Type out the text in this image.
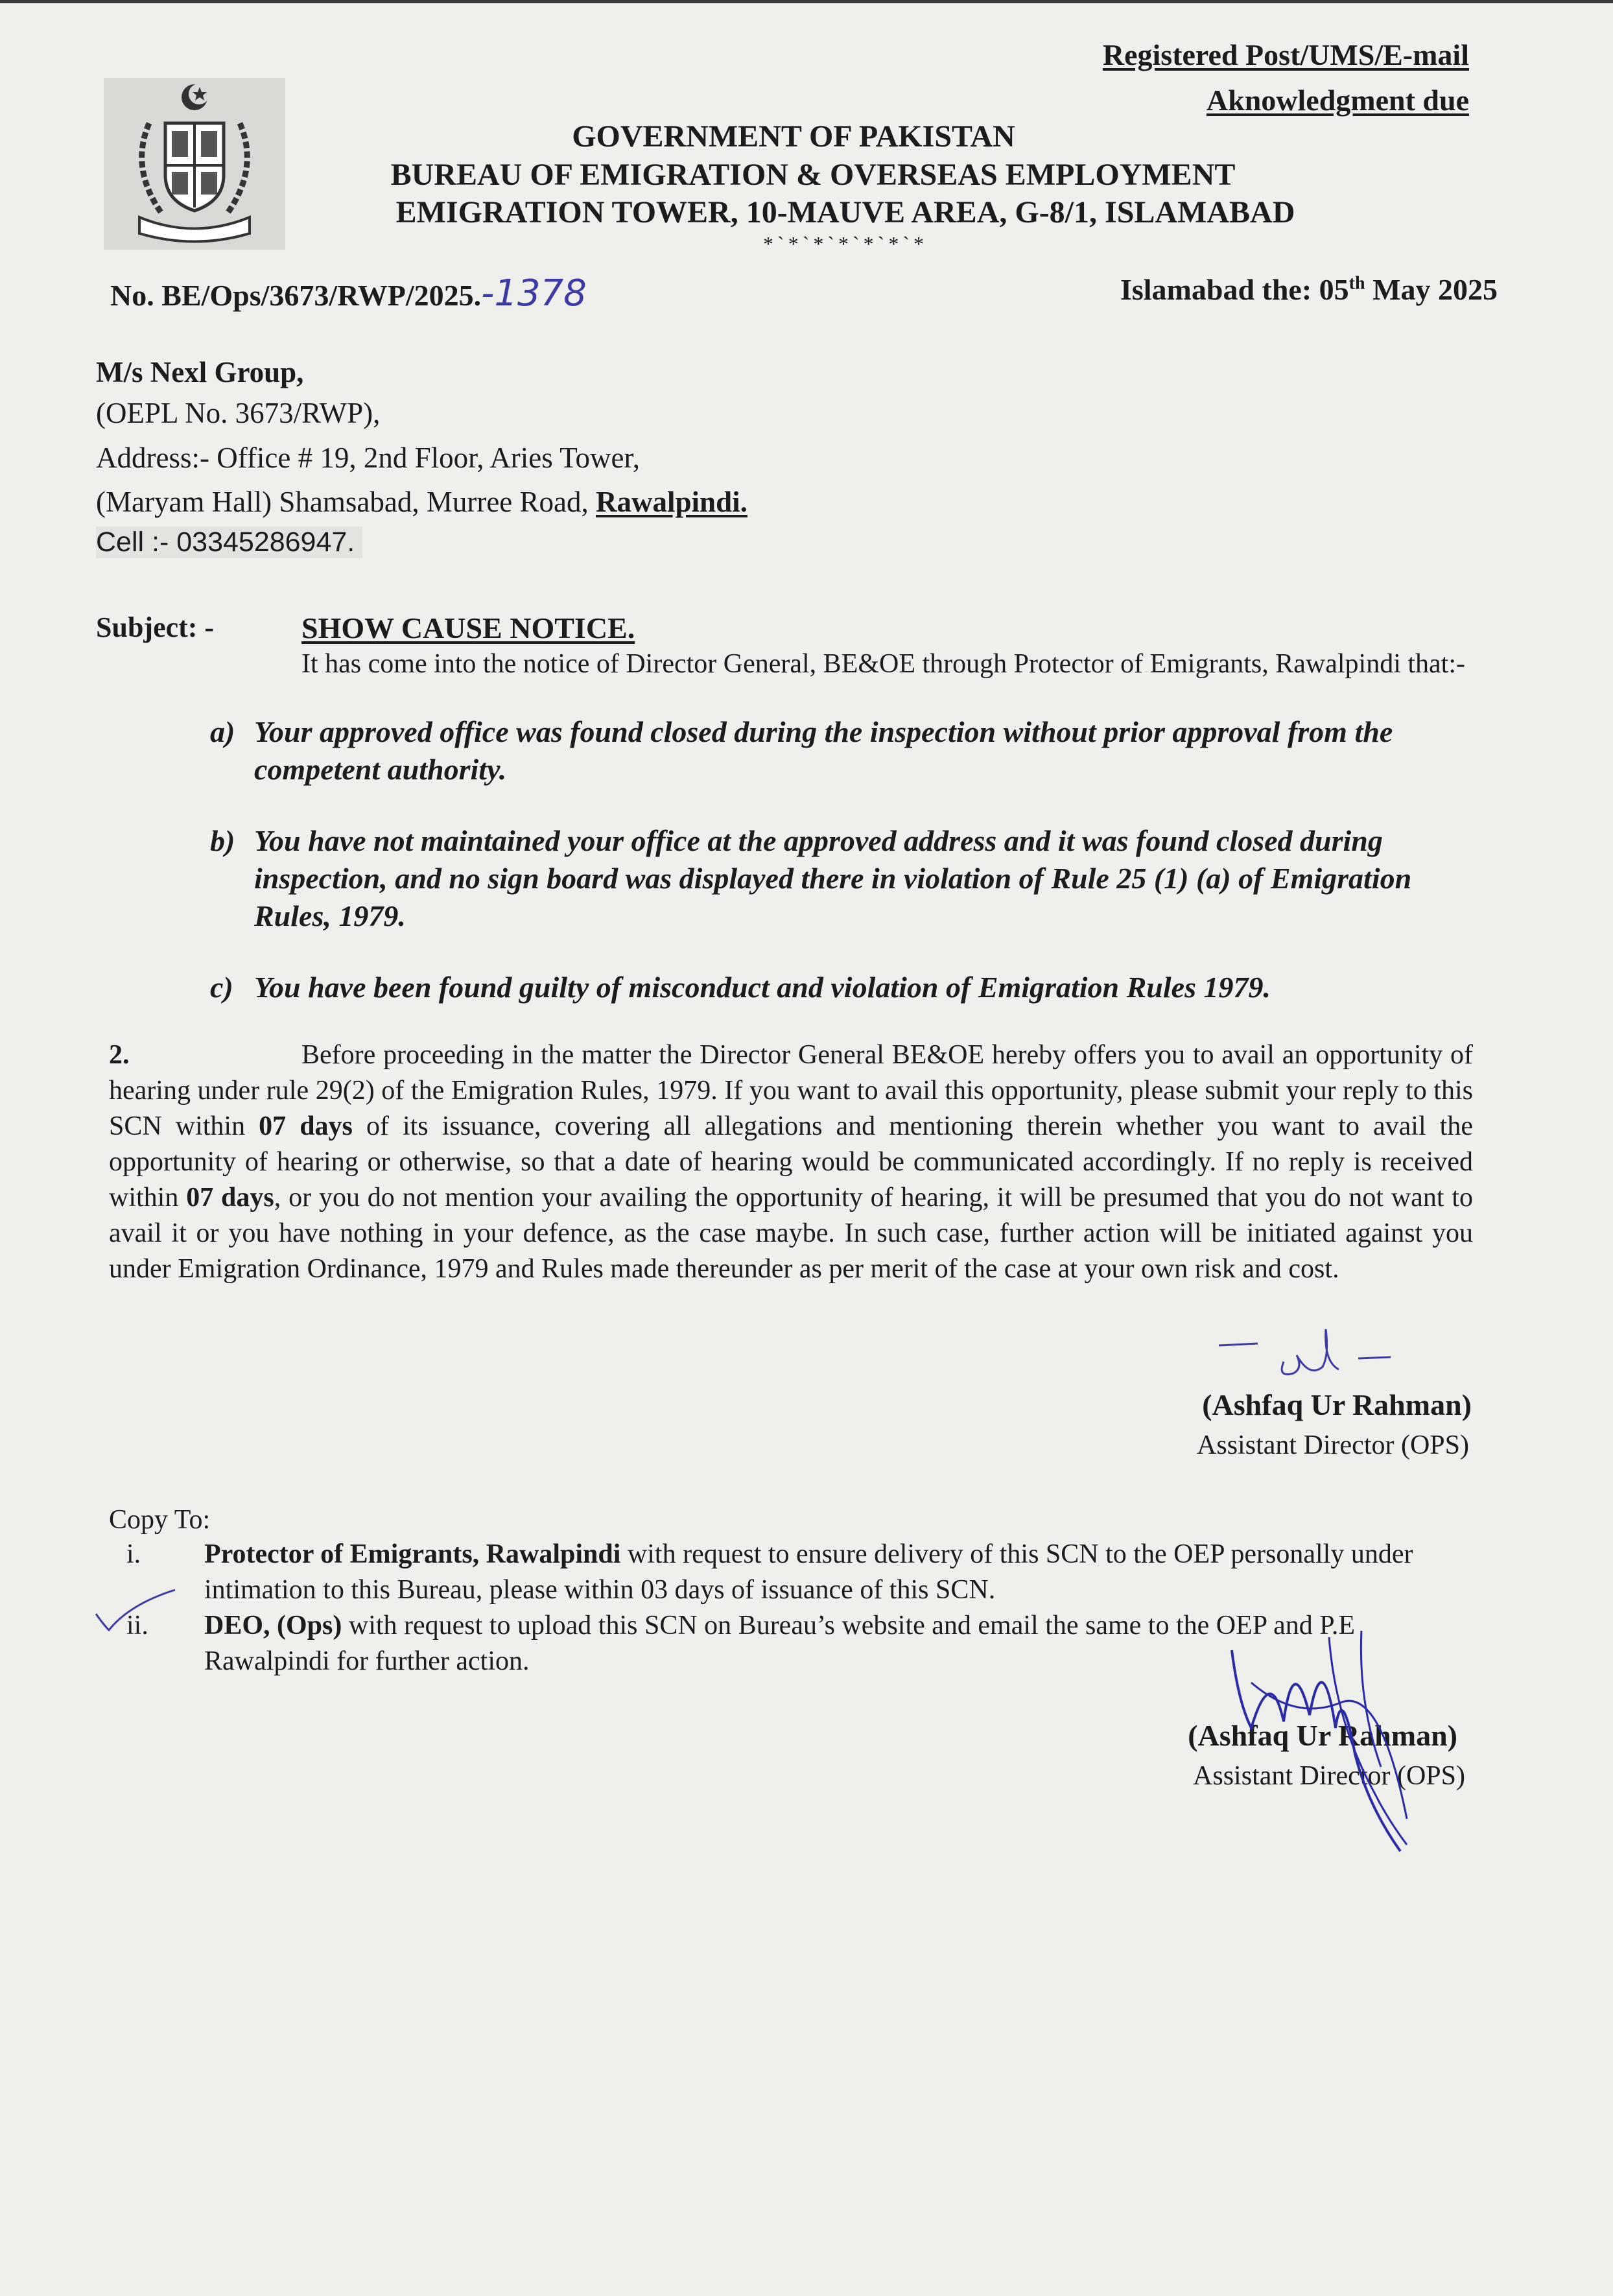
Registered Post/UMS/E-mail
Aknowledgment due
GOVERNMENT OF PAKISTAN
BUREAU OF EMIGRATION & OVERSEAS EMPLOYMENT
EMIGRATION TOWER, 10-MAUVE AREA, G-8/1, ISLAMABAD
*`*`*`*`*`*`*
No. BE/Ops/3673/RWP/2025.-1378	Islamabad the: 05th May 2025
M/s Nexl Group,
(OEPL No. 3673/RWP),
Address:- Office # 19, 2nd Floor, Aries Tower,
(Maryam Hall) Shamsabad, Murree Road, Rawalpindi.
Cell :- 03345286947.
Subject: -	SHOW CAUSE NOTICE.
It has come into the notice of Director General, BE&OE through Protector of Emigrants, Rawalpindi that:-
a) Your approved office was found closed during the inspection without prior approval from the competent authority.
b) You have not maintained your office at the approved address and it was found closed during inspection, and no sign board was displayed there in violation of Rule 25 (1) (a) of Emigration Rules, 1979.
c) You have been found guilty of misconduct and violation of Emigration Rules 1979.
2.	Before proceeding in the matter the Director General BE&OE hereby offers you to avail an opportunity of hearing under rule 29(2) of the Emigration Rules, 1979. If you want to avail this opportunity, please submit your reply to this SCN within 07 days of its issuance, covering all allegations and mentioning therein whether you want to avail the opportunity of hearing or otherwise, so that a date of hearing would be communicated accordingly. If no reply is received within 07 days, or you do not mention your availing the opportunity of hearing, it will be presumed that you do not want to avail it or you have nothing in your defence, as the case maybe. In such case, further action will be initiated against you under Emigration Ordinance, 1979 and Rules made thereunder as per merit of the case at your own risk and cost.
(Ashfaq Ur Rahman)
Assistant Director (OPS)
Copy To:
i. Protector of Emigrants, Rawalpindi with request to ensure delivery of this SCN to the OEP personally under intimation to this Bureau, please within 03 days of issuance of this SCN.
ii. DEO, (Ops) with request to upload this SCN on Bureau’s website and email the same to the OEP and P.E Rawalpindi for further action.
(Ashfaq Ur Rahman)
Assistant Director (OPS)
